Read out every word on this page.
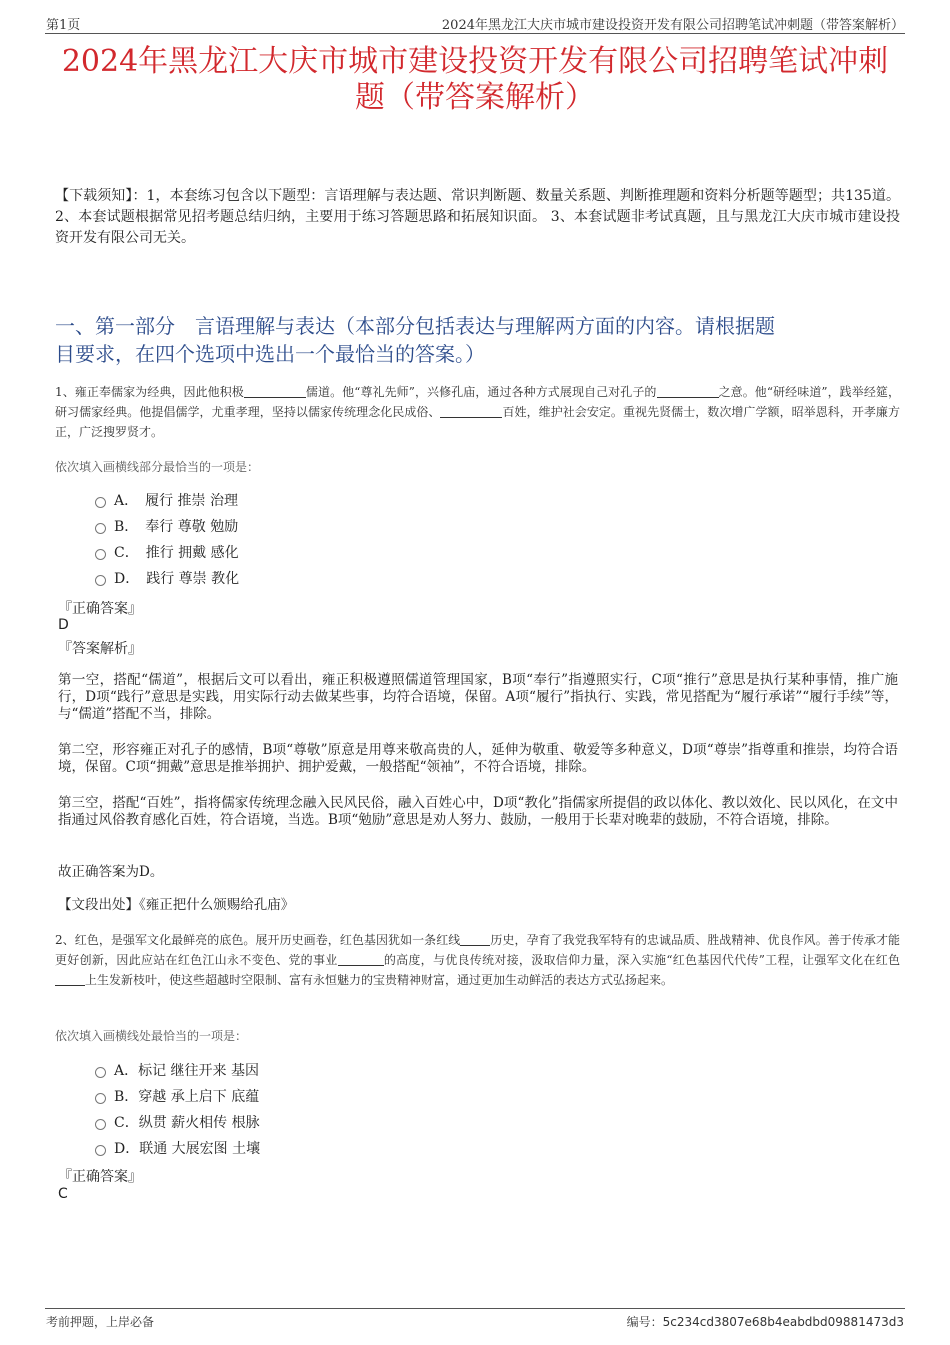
第1页	2024年黑龙江大庆市城市建设投资开发有限公司招聘笔试冲刺题（带答案解析）
2024年黑龙江大庆市城市建设投资开发有限公司招聘笔试冲刺
题（带答案解析）
【下载须知】：1，本套练习包含以下题型：言语理解与表达题、常识判断题、数量关系题、判断推理题和资料分析题等题型；共135道。 2、本套试题根据常见招考题总结归纳，主要用于练习答题思路和拓展知识面。 3、本套试题非考试真题，且与黑龙江大庆市城市建设投资开发有限公司无关。
一、第一部分　言语理解与表达（本部分包括表达与理解两方面的内容。请根据题
目要求，在四个选项中选出一个最恰当的答案。）
1、雍正奉儒家为经典，因此他积极	儒道。他“尊礼先师”，兴修孔庙，通过各种方式展现自己对孔子的	之意。他“研经味道”，践举经筵，研习儒家经典。他提倡儒学，尤重孝理，坚持以儒家传统理念化民成俗、	百姓，维护社会安定。重视先贤儒士，数次增广学额，昭举恩科，开孝廉方正，广泛搜罗贤才。
依次填入画横线部分最恰当的一项是：
A．　履行 推崇 治理
B．　奉行 尊敬 勉励
C．　推行 拥戴 感化
D．　践行 尊崇 教化
『正确答案』
D
『答案解析』
第一空，搭配“儒道”，根据后文可以看出，雍正积极遵照儒道管理国家，B项“奉行”指遵照实行，C项“推行”意思是执行某种事情，推广施行，D项“践行”意思是实践，用实际行动去做某些事，均符合语境，保留。A项“履行”指执行、实践，常见搭配为“履行承诺”“履行手续”等，与“儒道”搭配不当，排除。
第二空，形容雍正对孔子的感情，B项“尊敬”原意是用尊来敬高贵的人，延伸为敬重、敬爱等多种意义，D项“尊崇”指尊重和推崇，均符合语境，保留。C项“拥戴”意思是推举拥护、拥护爱戴，一般搭配“领袖”，不符合语境，排除。
第三空，搭配“百姓”，指将儒家传统理念融入民风民俗，融入百姓心中，D项“教化”指儒家所提倡的政以体化、教以效化、民以风化，在文中指通过风俗教育感化百姓，符合语境，当选。B项“勉励”意思是劝人努力、鼓励，一般用于长辈对晚辈的鼓励，不符合语境，排除。
故正确答案为D。
【文段出处】《雍正把什么颁赐给孔庙》
2、红色，是强军文化最鲜亮的底色。展开历史画卷，红色基因犹如一条红线	历史，孕育了我党我军特有的忠诚品质、胜战精神、优良作风。善于传承才能更好创新，因此应站在红色江山永不变色、党的事业	的高度，与优良传统对接，汲取信仰力量，深入实施“红色基因代代传”工程，让强军文化在红色上生发新枝叶，使这些超越时空限制、富有永恒魅力的宝贵精神财富，通过更加生动鲜活的表达方式弘扬起来。
依次填入画横线处最恰当的一项是：
A．标记 继往开来 基因
B．穿越 承上启下 底蕴
C．纵贯 薪火相传 根脉
D．联通 大展宏图 土壤
『正确答案』
C
考前押题，上岸必备	编号：5c234cd3807e68b4eabdbd09881473d3
